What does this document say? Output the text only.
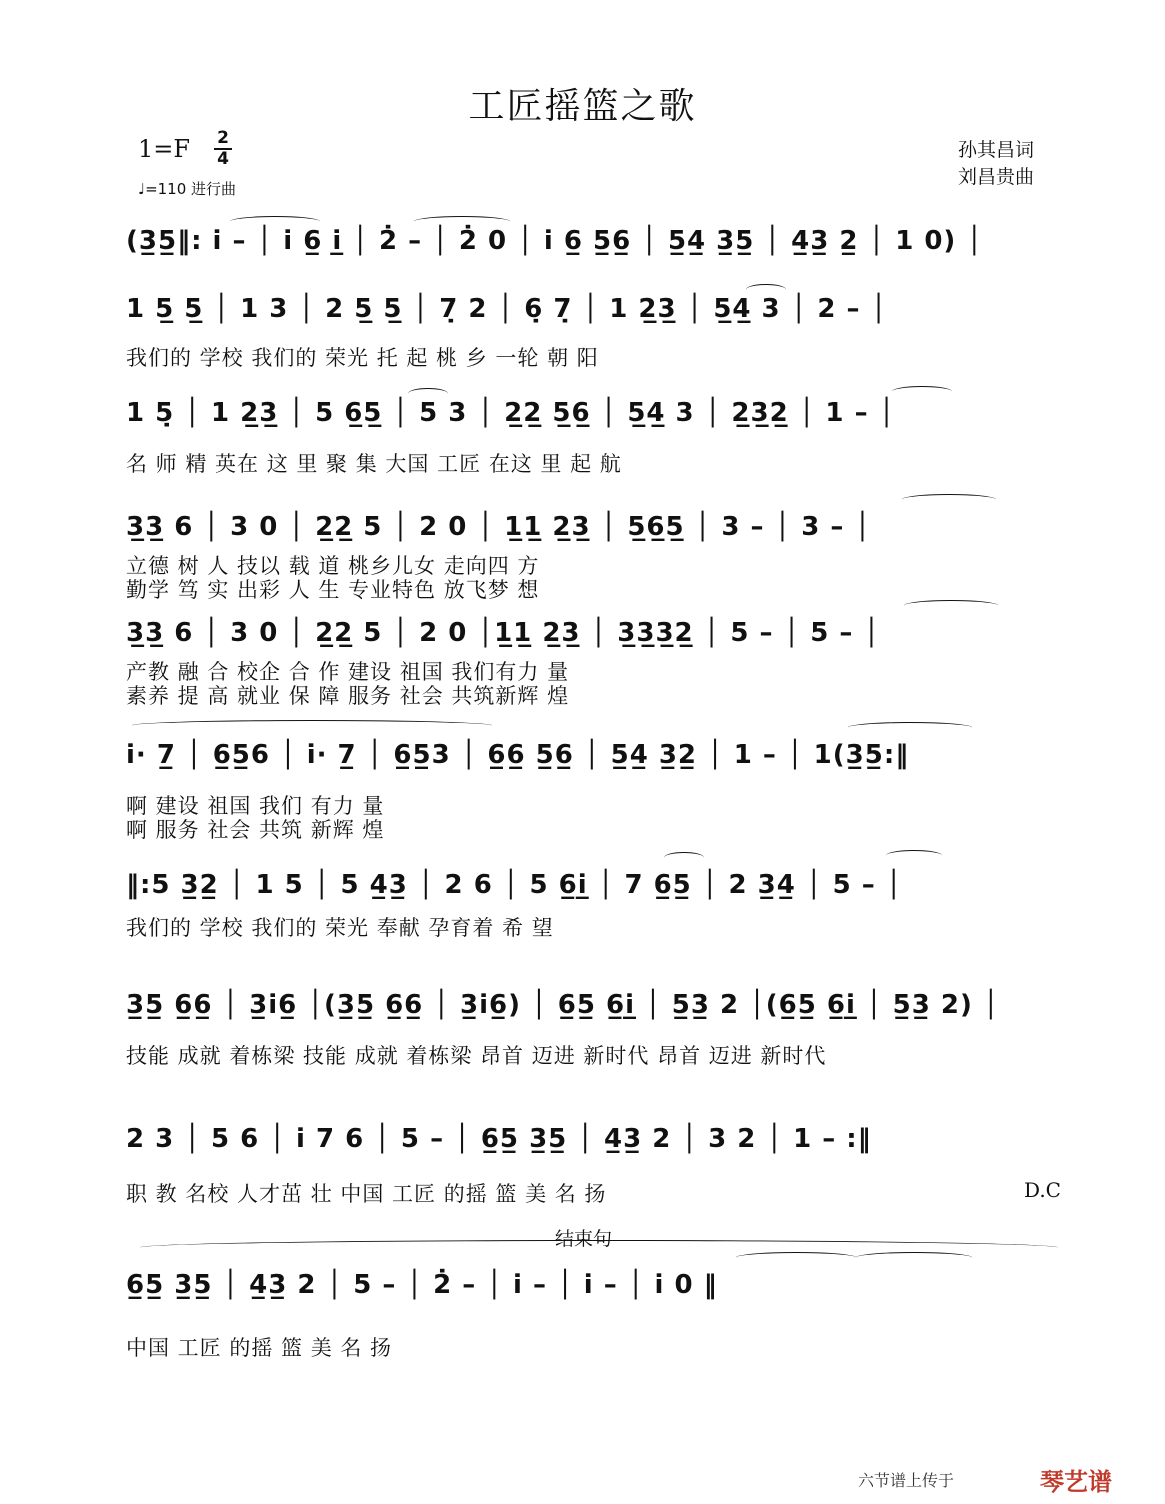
工匠摇篮之歌
1=F 2
4
♩=110 进行曲
孙其昌词
刘昌贵曲
(3̲5̲‖: i̇ – │ i̇ 6̲ i̲̇ │ 2̇ – │ 2̇ 0 │ i̇ 6̲ 5̲6̲ │ 5̲4̲ 3̲5̲ │ 4̲3̲ 2̲ │ 1 0) │
1 5̲ 5̲ │ 1 3 │ 2 5̲ 5̲ │ 7̣ 2 │ 6̣ 7̣ │ 1 2̲3̲ │ 5̲4̲ 3 │ 2 – │
我们的 学校 我们的 荣光 托 起 桃 乡 一轮 朝 阳
1 5̣ │ 1 2̲3̲ │ 5 6̲5̲ │ 5 3 │ 2̲2̲ 5̲6̲ │ 5̲4̲ 3 │ 2̲3̲2̲ │ 1 – │
名 师 精 英在 这 里 聚 集 大国 工匠 在这 里 起 航
3̲3̲ 6 │ 3 0 │ 2̲2̲ 5 │ 2 0 │ 1̲1̲ 2̲3̲ │ 5̲6̲5̲ │ 3 – │ 3 – │
立德 树 人 技以 载 道 桃乡儿女 走向四 方
勤学 笃 实 出彩 人 生 专业特色 放飞梦 想
3̲3̲ 6 │ 3 0 │ 2̲2̲ 5 │ 2 0 │1̲1̲ 2̲3̲ │ 3̲3̲3̲2̲ │ 5 – │ 5 – │
产教 融 合 校企 合 作 建设 祖国 我们有力 量
素养 提 高 就业 保 障 服务 社会 共筑新辉 煌
i̇· 7̲ │ 6̲5̲6 │ i̇· 7̲ │ 6̲5̲3 │ 6̲6̲ 5̲6̲ │ 5̲4̲ 3̲2̲ │ 1 – │ 1(3̲5̲:‖
啊 建设 祖国 我们 有力 量
啊 服务 社会 共筑 新辉 煌
‖:5 3̲2̲ │ 1 5 │ 5 4̲3̲ │ 2 6 │ 5 6̲i̲̇ │ 7 6̲5̲ │ 2 3̲4̲ │ 5 – │
我们的 学校 我们的 荣光 奉献 孕育着 希 望
3̲5̲ 6̲6̲ │ 3̲i̇6̲ │(3̲5̲ 6̲6̲ │ 3̲i̇6̲) │ 6̲5̲ 6̲i̲̇ │ 5̲3̲ 2 │(6̲5̲ 6̲i̲̇ │ 5̲3̲ 2) │
技能 成就 着栋梁 技能 成就 着栋梁 昂首 迈进 新时代 昂首 迈进 新时代
2 3 │ 5 6 │ i̇ 7 6 │ 5 – │ 6̲5̲ 3̲5̲ │ 4̲3̲ 2 │ 3 2 │ 1 – :‖
职 教 名校 人才茁 壮 中国 工匠 的摇 篮 美 名 扬	D.C
结束句
6̲5̲ 3̲5̲ │ 4̲3̲ 2 │ 5 – │ 2̇ – │ i̇ – │ i̇ – │ i̇ 0 ‖
中国 工匠 的摇 篮 美 名 扬
六节谱上传于	琴艺谱
